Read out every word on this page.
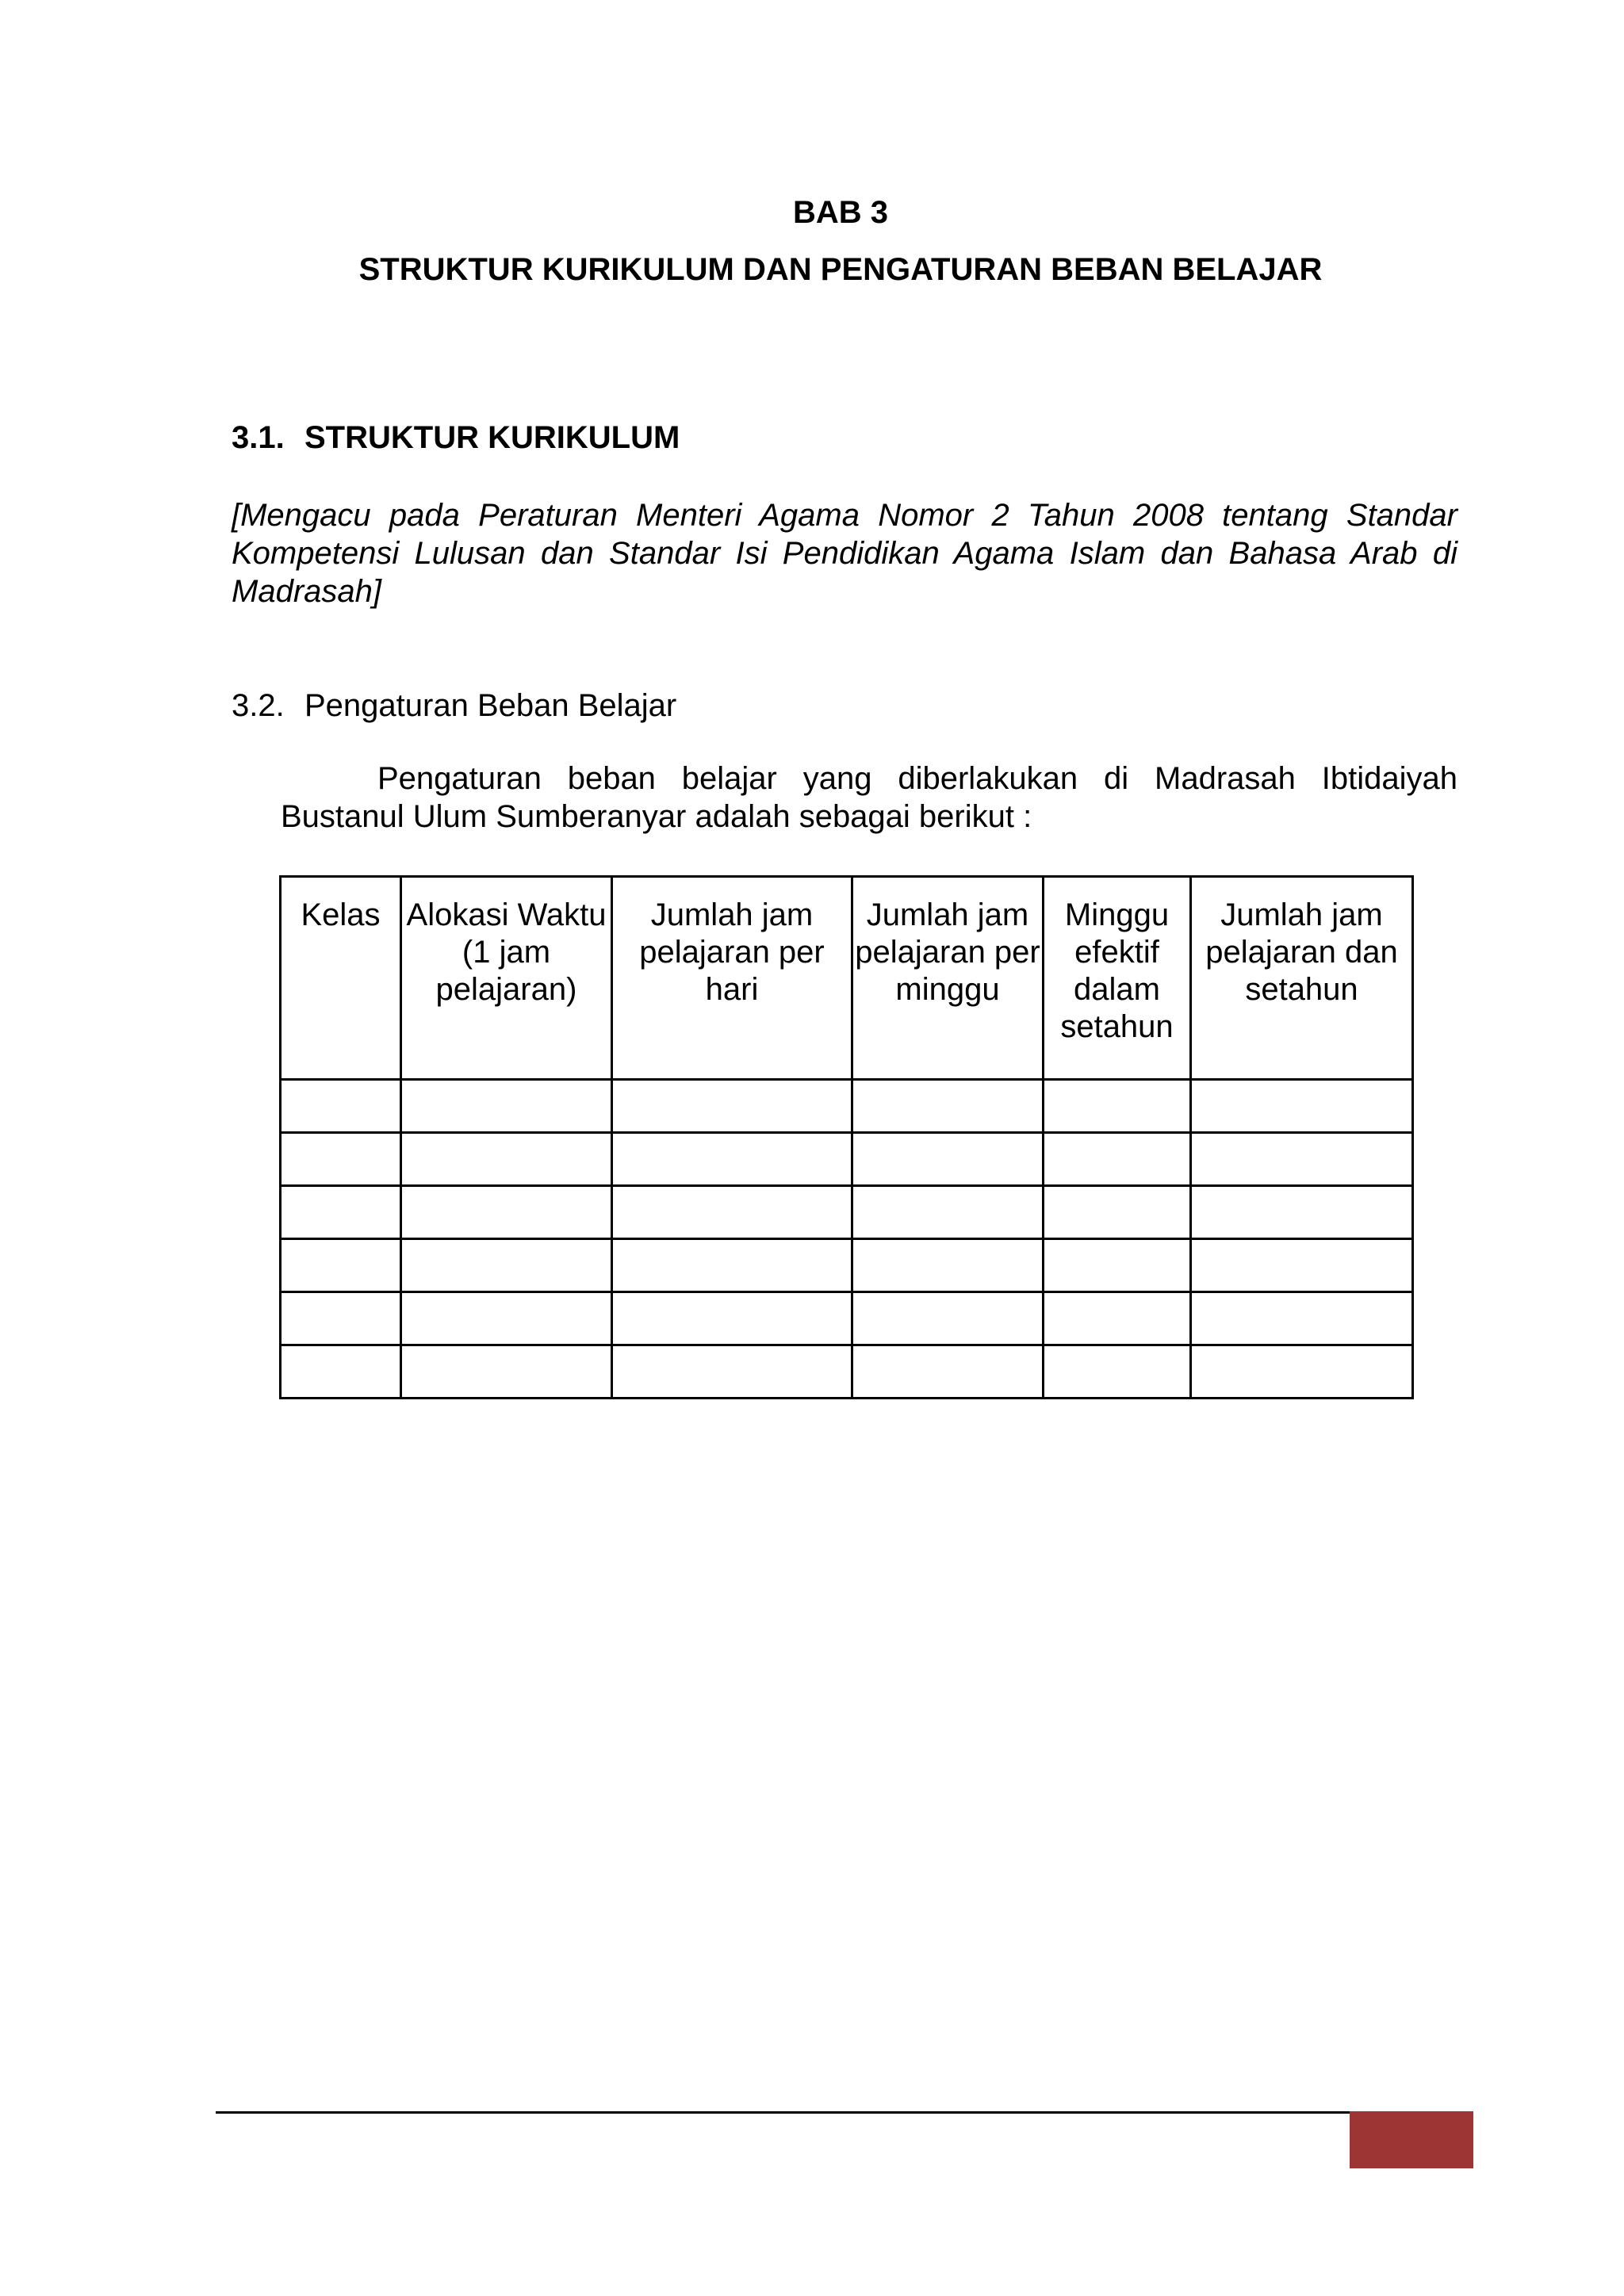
BAB 3
STRUKTUR KURIKULUM DAN PENGATURAN BEBAN BELAJAR
3.1. STRUKTUR KURIKULUM
[Mengacu pada Peraturan Menteri Agama Nomor 2 Tahun 2008 tentang Standar Kompetensi Lulusan dan Standar Isi Pendidikan Agama Islam dan Bahasa Arab di Madrasah]
3.2. Pengaturan Beban Belajar
Pengaturan beban belajar yang diberlakukan di Madrasah Ibtidaiyah Bustanul Ulum Sumberanyar adalah sebagai berikut :
Kelas	Alokasi Waktu (1 jam pelajaran)	Jumlah jam pelajaran per hari	Jumlah jam pelajaran per minggu	Minggu efektif dalam setahun	Jumlah jam pelajaran dan setahun
